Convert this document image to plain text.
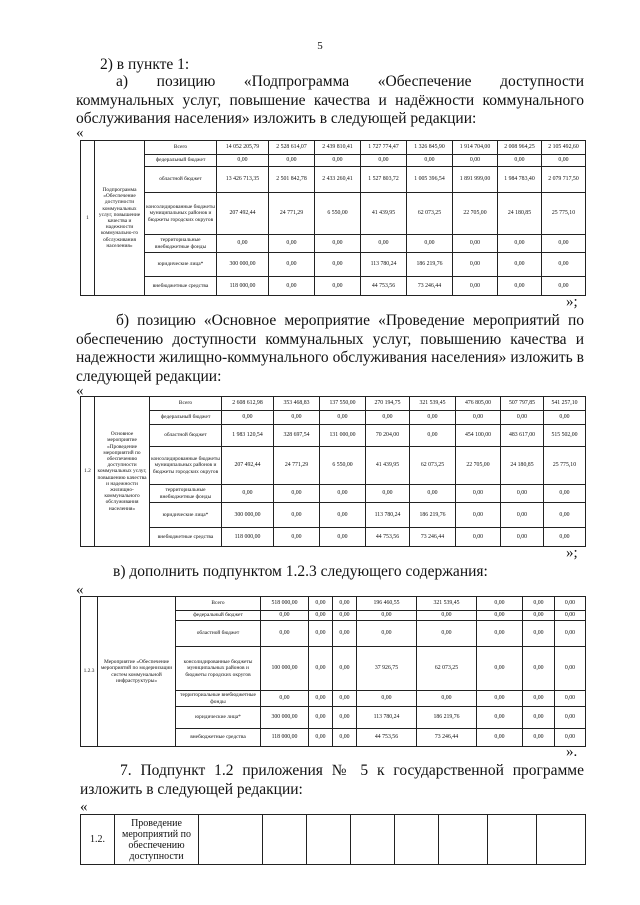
5
2) в пункте 1:
а) позицию «Подпрограмма «Обеспечение доступности коммунальных услуг, повышение качества и надёжности коммунального обслуживания населения» изложить в следующей редакции:
«
1	Подпрограмма «Обеспечение доступности коммунальных услуг, повышение качества и надежности коммунально-го обслуживания населения»	Всего	14 052 205,79	2 528 614,07	2 439 810,41	1 727 774,47	1 326 845,90	1 914 704,00	2 008 964,25	2 105 492,60
		федеральный бюджет	0,00	0,00	0,00	0,00	0,00	0,00	0,00	0,00
		областной бюджет	13 426 713,35	2 501 842,78	2 433 260,41	1 527 803,72	1 005 396,54	1 891 999,00	1 984 783,40	2 079 717,50
		консолидированные бюджеты муниципальных районов и бюджеты городских округов	207 492,44	24 771,29	6 550,00	41 439,95	62 073,25	22 705,00	24 180,85	25 775,10
		территориальные внебюджетные фонды	0,00	0,00	0,00	0,00	0,00	0,00	0,00	0,00
		юридические лица*	300 000,00	0,00	0,00	113 780,24	186 219,76	0,00	0,00	0,00
		внебюджетные средства	118 000,00	0,00	0,00	44 753,56	73 246,44	0,00	0,00	0,00
»;
б) позицию «Основное мероприятие «Проведение мероприятий по обеспечению доступности коммунальных услуг, повышению качества и надежности жилищно-коммунального обслуживания населения» изложить в следующей редакции:
«
1.2	Основное мероприятие «Проведение мероприятий по обеспечению доступности коммунальных услуг, повышению качества и надежности жилищно-коммунального обслуживания населения»	Всего	2 608 612,98	353 468,83	137 550,00	270 194,75	321 539,45	476 805,00	507 797,85	541 257,10
		федеральный бюджет	0,00	0,00	0,00	0,00	0,00	0,00	0,00	0,00
		областной бюджет	1 983 120,54	328 697,54	131 000,00	70 204,00	0,00	454 100,00	483 617,00	515 502,00
		консолидированные бюджеты муниципальных районов и бюджеты городских округов	207 492,44	24 771,29	6 550,00	41 439,95	62 073,25	22 705,00	24 180,85	25 775,10
		территориальные внебюджетные фонды	0,00	0,00	0,00	0,00	0,00	0,00	0,00	0,00
		юридические лица*	300 000,00	0,00	0,00	113 780,24	186 219,76	0,00	0,00	0,00
		внебюджетные средства	118 000,00	0,00	0,00	44 753,56	73 246,44	0,00	0,00	0,00
»;
в) дополнить подпунктом 1.2.3 следующего содержания:
«
1.2.3	Мероприятие «Обеспечение мероприятий по модернизации систем коммунальной инфраструктуры»	Всего	518 000,00	0,00	0,00	196 460,55	321 539,45	0,00	0,00	0,00
		федеральный бюджет	0,00	0,00	0,00	0,00	0,00	0,00	0,00	0,00
		областной бюджет	0,00	0,00	0,00	0,00	0,00	0,00	0,00	0,00
		консолидированные бюджеты муниципальных районов и бюджеты городских округов	100 000,00	0,00	0,00	37 926,75	62 073,25	0,00	0,00	0,00
		территориальные внебюджетные фонды	0,00	0,00	0,00	0,00	0,00	0,00	0,00	0,00
		юридические лица*	300 000,00	0,00	0,00	113 780,24	186 219,76	0,00	0,00	0,00
		внебюджетные средства	118 000,00	0,00	0,00	44 753,56	73 246,44	0,00	0,00	0,00
».
7. Подпункт 1.2 приложения № 5 к государственной программе изложить в следующей редакции:
«
1.2.	Проведение мероприятий по обеспечению доступности								
